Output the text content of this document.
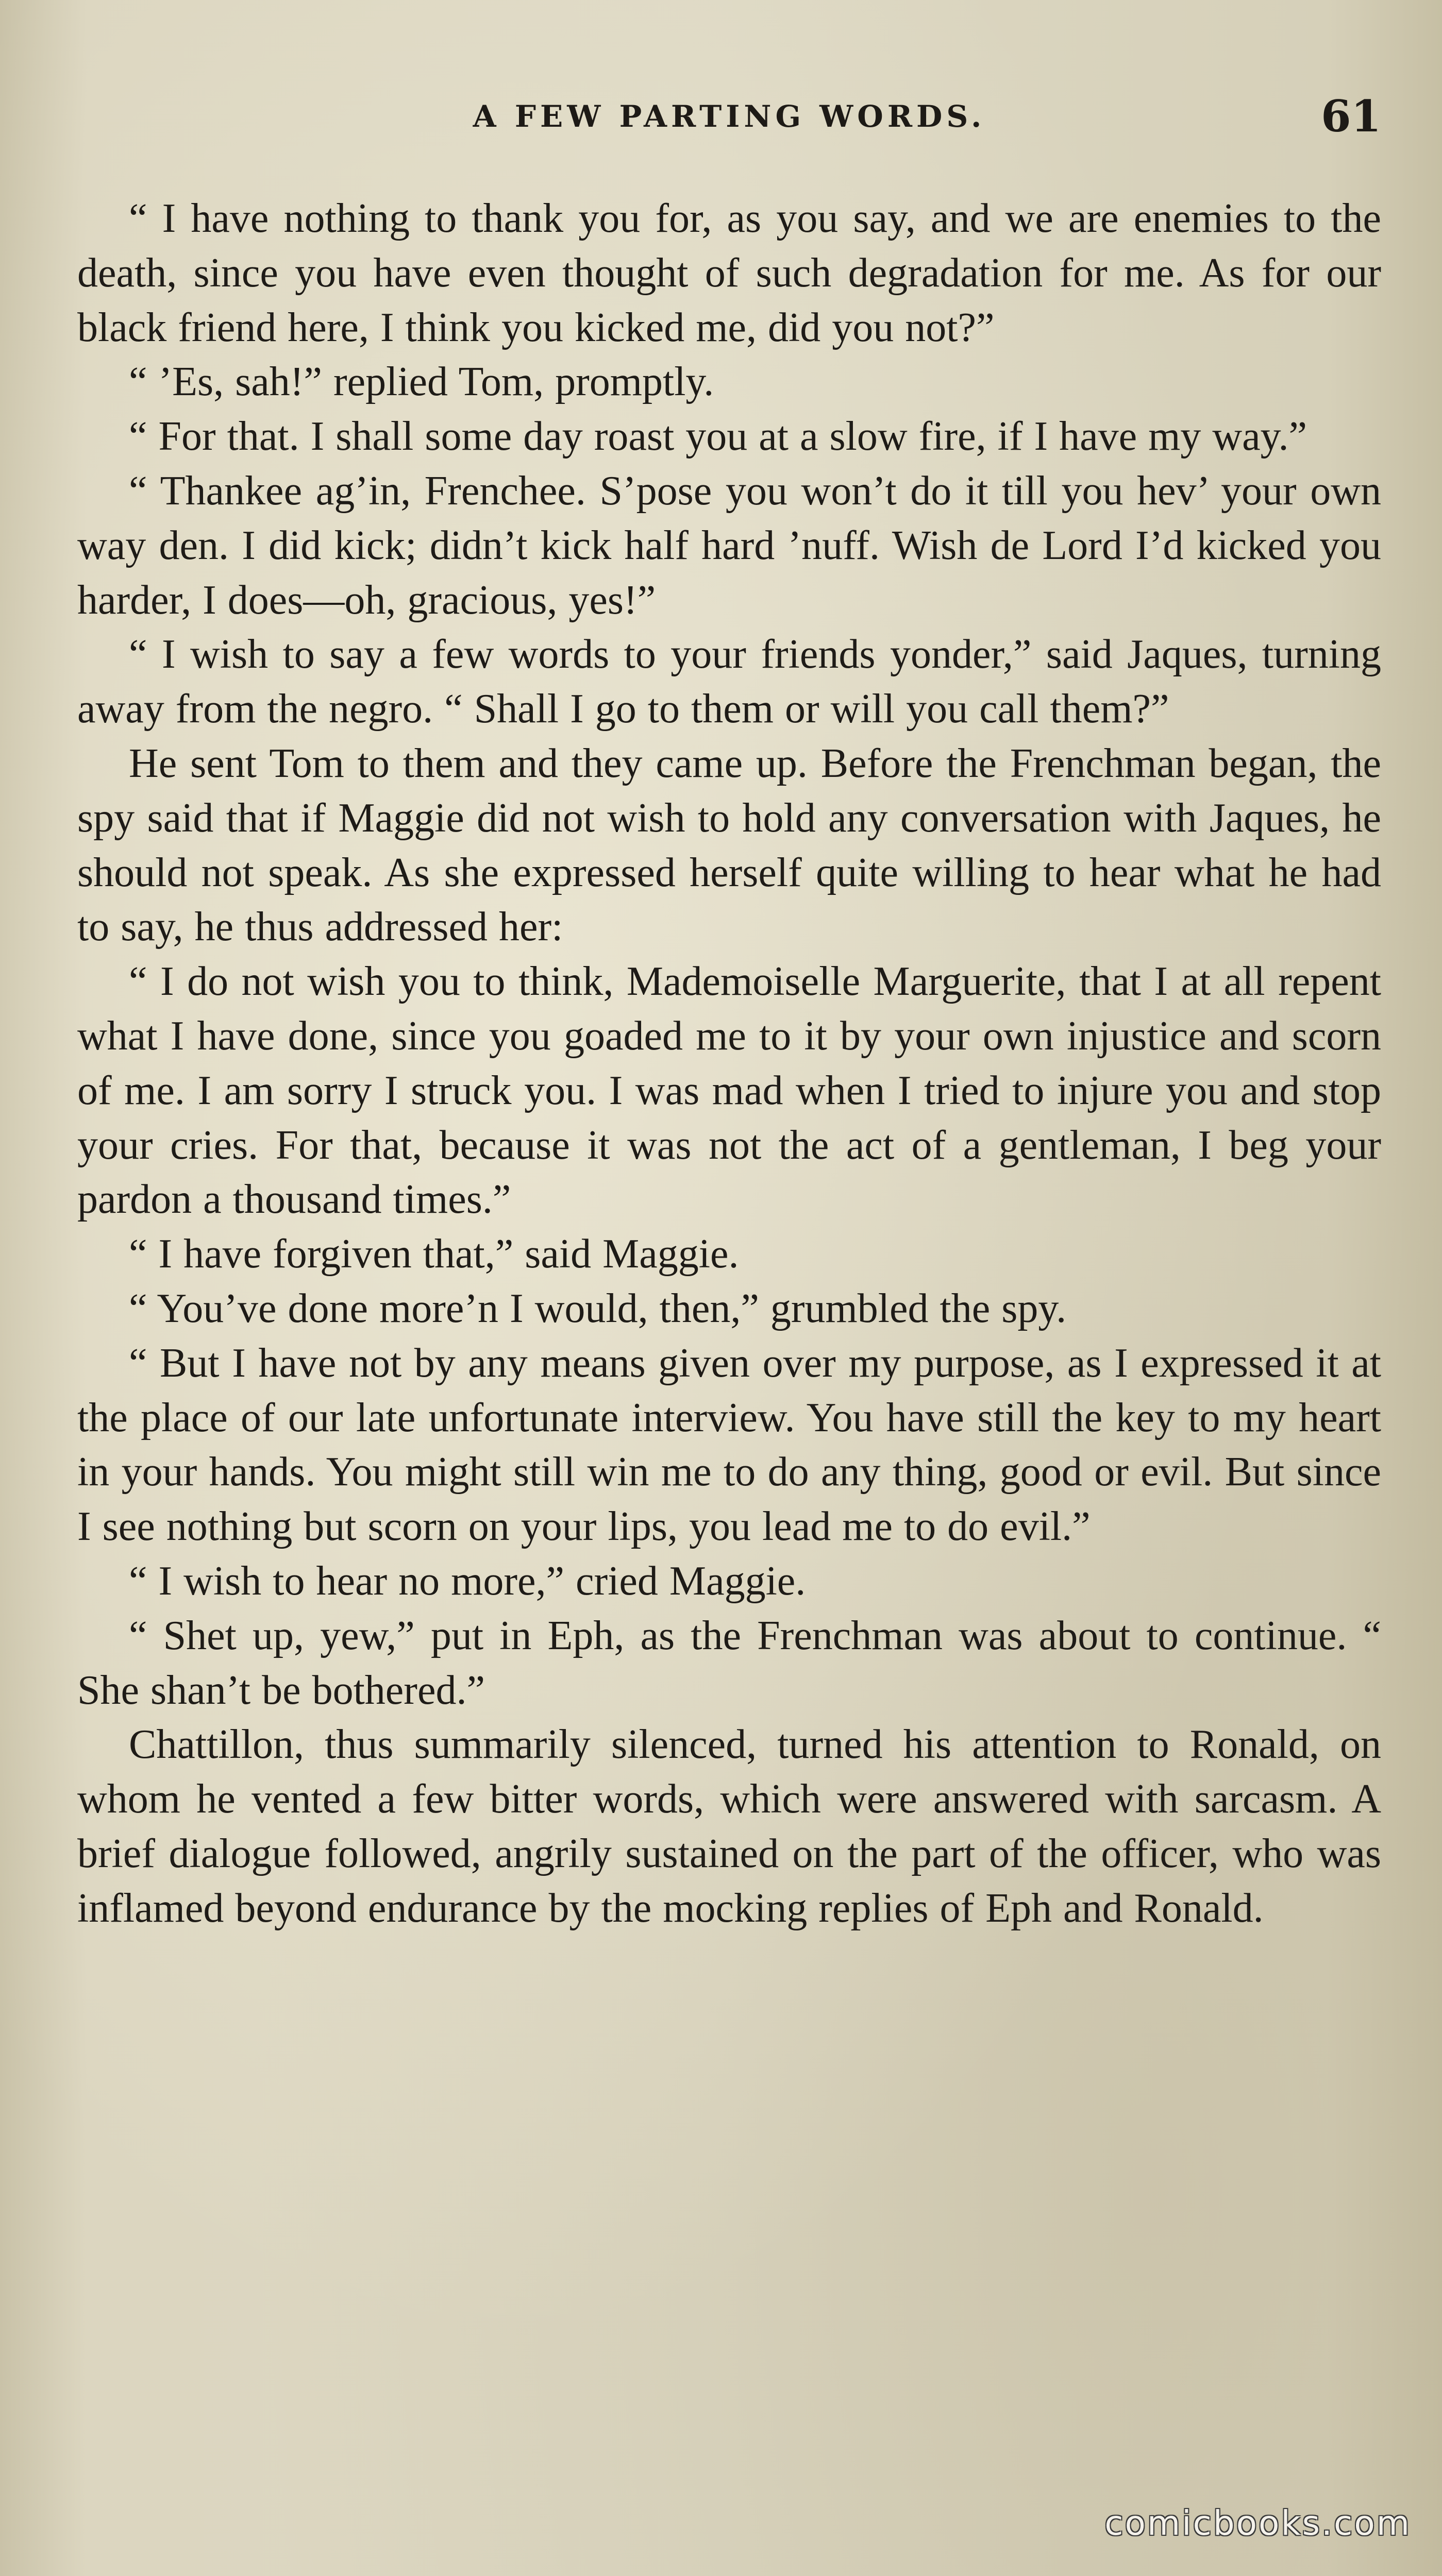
A FEW PARTING WORDS.	61

“ I have nothing to thank you for, as you say, and we are enemies to the death, since you have even thought of such degradation for me. As for our black friend here, I think you kicked me, did you not?”

“ ’Es, sah!” replied Tom, promptly.

“ For that. I shall some day roast you at a slow fire, if I have my way.”

“ Thankee ag’in, Frenchee. S’pose you won’t do it till you hev’ your own way den. I did kick; didn’t kick half hard ’nuff. Wish de Lord I’d kicked you harder, I does—oh, gracious, yes!”

“ I wish to say a few words to your friends yonder,” said Jaques, turning away from the negro. “ Shall I go to them or will you call them?”

He sent Tom to them and they came up. Before the Frenchman began, the spy said that if Maggie did not wish to hold any conversation with Jaques, he should not speak. As she expressed herself quite willing to hear what he had to say, he thus addressed her:

“ I do not wish you to think, Mademoiselle Marguerite, that I at all repent what I have done, since you goaded me to it by your own injustice and scorn of me. I am sorry I struck you. I was mad when I tried to injure you and stop your cries. For that, because it was not the act of a gentleman, I beg your pardon a thousand times.”

“ I have forgiven that,” said Maggie.

“ You’ve done more’n I would, then,” grumbled the spy.

“ But I have not by any means given over my purpose, as I expressed it at the place of our late unfortunate interview. You have still the key to my heart in your hands. You might still win me to do any thing, good or evil. But since I see nothing but scorn on your lips, you lead me to do evil.”

“ I wish to hear no more,” cried Maggie.

“ Shet up, yew,” put in Eph, as the Frenchman was about to continue. “ She shan’t be bothered.”

Chattillon, thus summarily silenced, turned his attention to Ronald, on whom he vented a few bitter words, which were answered with sarcasm. A brief dialogue followed, angrily sustained on the part of the officer, who was inflamed beyond endurance by the mocking replies of Eph and Ronald.

comicbooks.com
